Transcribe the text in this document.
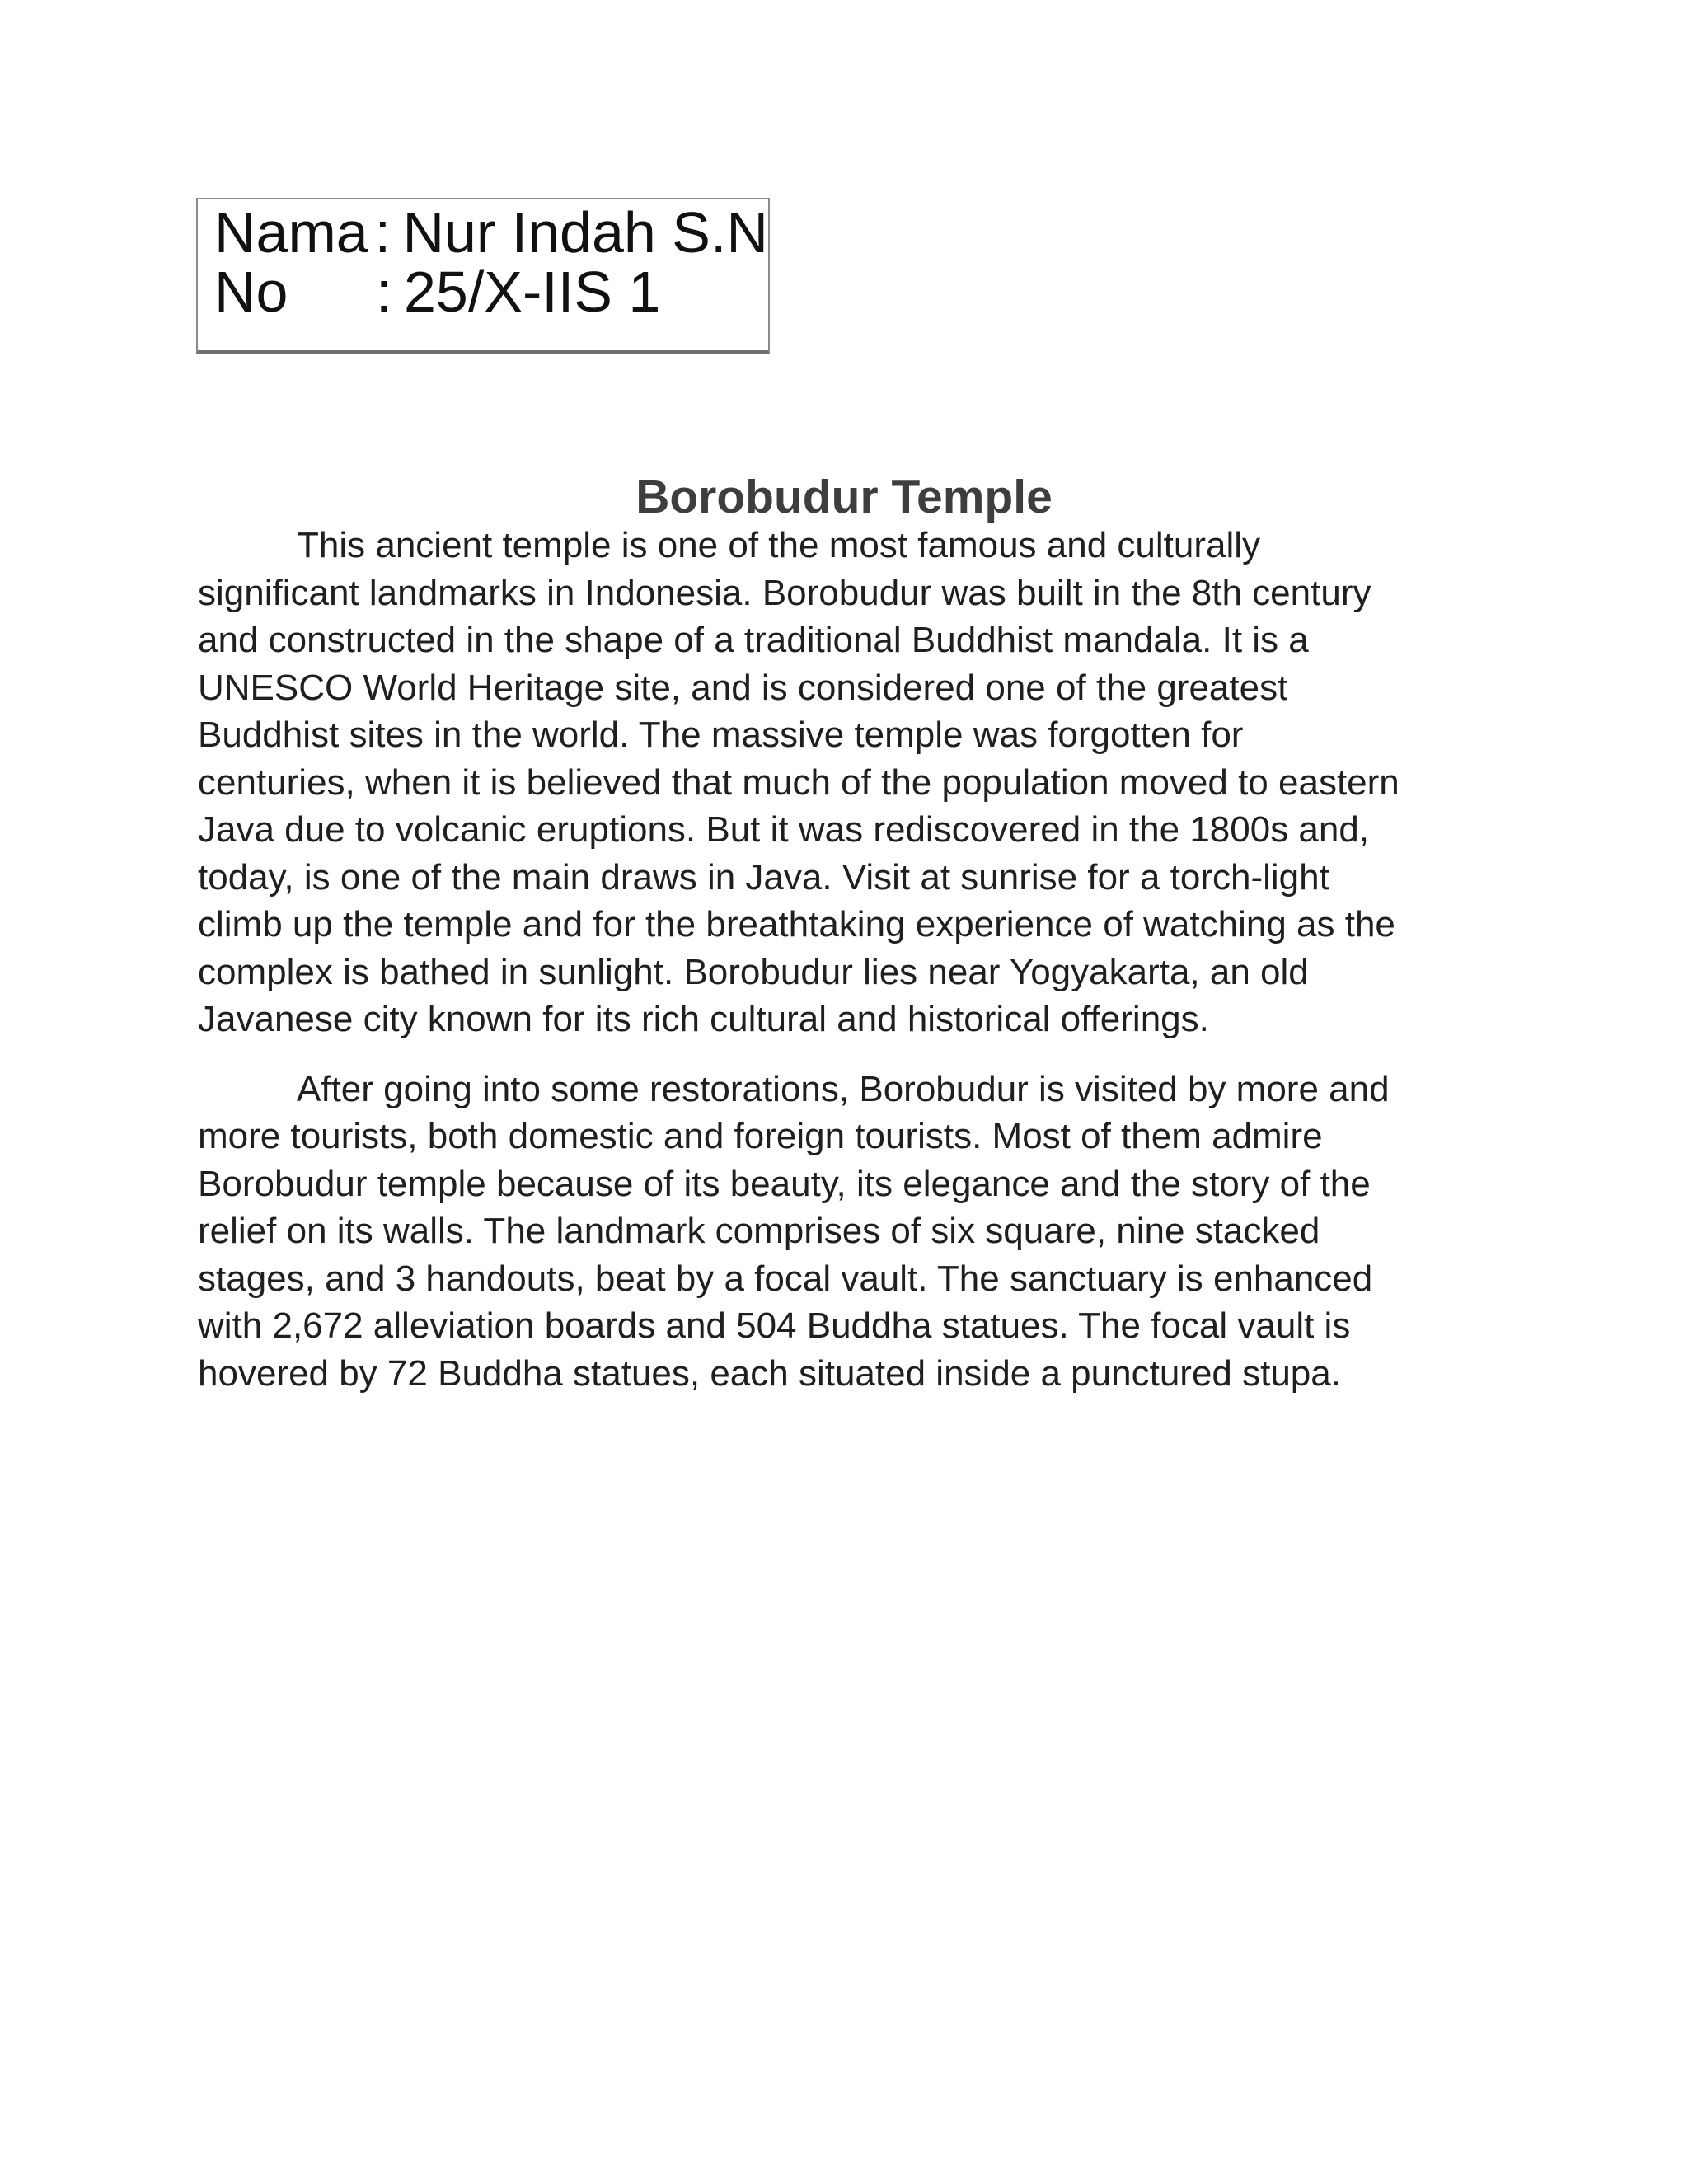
Nama : Nur Indah S.N
No	: 25/X-IIS 1
Borobudur Temple

This ancient temple is one of the most famous and culturally
significant landmarks in Indonesia. Borobudur was built in the 8th century
and constructed in the shape of a traditional Buddhist mandala. It is a
UNESCO World Heritage site, and is considered one of the greatest
Buddhist sites in the world. The massive temple was forgotten for
centuries, when it is believed that much of the population moved to eastern
Java due to volcanic eruptions. But it was rediscovered in the 1800s and,
today, is one of the main draws in Java. Visit at sunrise for a torch-light
climb up the temple and for the breathtaking experience of watching as the
complex is bathed in sunlight. Borobudur lies near Yogyakarta, an old
Javanese city known for its rich cultural and historical offerings.

After going into some restorations, Borobudur is visited by more and
more tourists, both domestic and foreign tourists. Most of them admire
Borobudur temple because of its beauty, its elegance and the story of the
relief on its walls. The landmark comprises of six square, nine stacked
stages, and 3 handouts, beat by a focal vault. The sanctuary is enhanced
with 2,672 alleviation boards and 504 Buddha statues. The focal vault is
hovered by 72 Buddha statues, each situated inside a punctured stupa.
